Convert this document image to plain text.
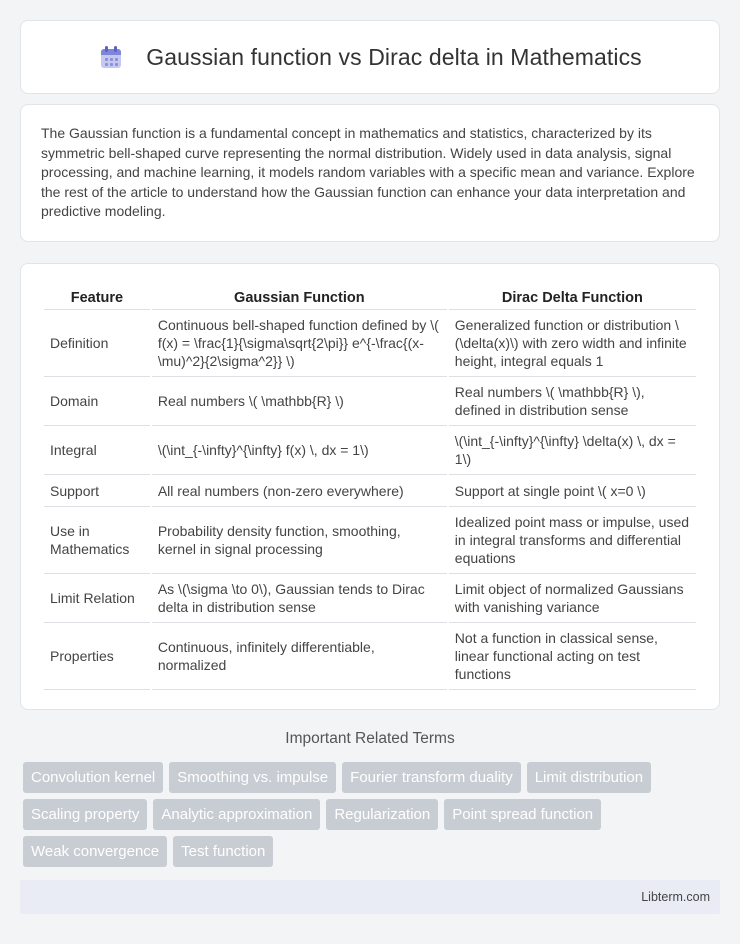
Gaussian function vs Dirac delta in Mathematics

The Gaussian function is a fundamental concept in mathematics and statistics, characterized by its symmetric bell-shaped curve representing the normal distribution. Widely used in data analysis, signal processing, and machine learning, it models random variables with a specific mean and variance. Explore the rest of the article to understand how the Gaussian function can enhance your data interpretation and predictive modeling.

Feature	Gaussian Function	Dirac Delta Function
Definition	Continuous bell-shaped function defined by \( f(x) = \frac{1}{\sigma\sqrt{2\pi}} e^{-\frac{(x-\mu)^2}{2\sigma^2}} \)	Generalized function or distribution \(\delta(x)\) with zero width and infinite height, integral equals 1
Domain	Real numbers \( \mathbb{R} \)	Real numbers \( \mathbb{R} \), defined in distribution sense
Integral	\(\int_{-\infty}^{\infty} f(x) \, dx = 1\)	\(\int_{-\infty}^{\infty} \delta(x) \, dx = 1\)
Support	All real numbers (non-zero everywhere)	Support at single point \( x=0 \)
Use in Mathematics	Probability density function, smoothing, kernel in signal processing	Idealized point mass or impulse, used in integral transforms and differential equations
Limit Relation	As \(\sigma \to 0\), Gaussian tends to Dirac delta in distribution sense	Limit object of normalized Gaussians with vanishing variance
Properties	Continuous, infinitely differentiable, normalized	Not a function in classical sense, linear functional acting on test functions
Important Related Terms
Convolution kernel	Smoothing vs. impulse	Fourier transform duality	Limit distribution
Scaling property	Analytic approximation	Regularization	Point spread function
Weak convergence	Test function
Libterm.com
